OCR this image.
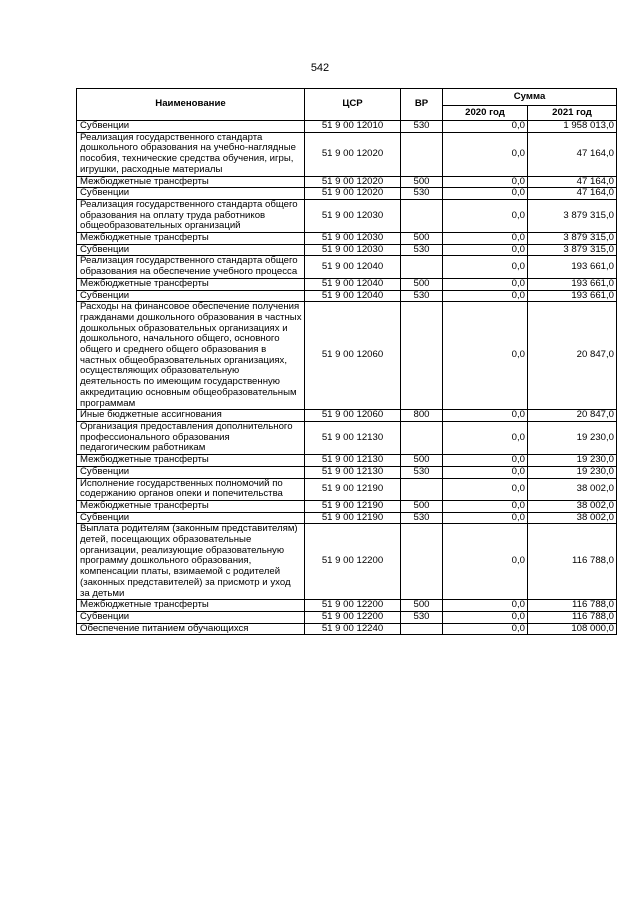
542
Наименование	ЦСР	ВР	Сумма	
			2020 год	2021 год
Субвенции	51 9 00 12010	530	0,0	1 958 013,0
Реализация государственного стандарта дошкольного образования на учебно-наглядные пособия, технические средства обучения, игры, игрушки, расходные материалы	51 9 00 12020		0,0	47 164,0
Межбюджетные трансферты	51 9 00 12020	500	0,0	47 164,0
Субвенции	51 9 00 12020	530	0,0	47 164,0
Реализация государственного стандарта общего образования на оплату труда работников общеобразовательных организаций	51 9 00 12030		0,0	3 879 315,0
Межбюджетные трансферты	51 9 00 12030	500	0,0	3 879 315,0
Субвенции	51 9 00 12030	530	0,0	3 879 315,0
Реализация государственного стандарта общего образования на обеспечение учебного процесса	51 9 00 12040		0,0	193 661,0
Межбюджетные трансферты	51 9 00 12040	500	0,0	193 661,0
Субвенции	51 9 00 12040	530	0,0	193 661,0
Расходы на финансовое обеспечение получения гражданами дошкольного образования в частных дошкольных образовательных организациях и дошкольного, начального общего, основного общего и среднего общего образования в частных общеобразовательных организациях, осуществляющих образовательную деятельность по имеющим государственную аккредитацию основным общеобразовательным программам	51 9 00 12060		0,0	20 847,0
Иные бюджетные ассигнования	51 9 00 12060	800	0,0	20 847,0
Организация предоставления дополнительного профессионального образования педагогическим работникам	51 9 00 12130		0,0	19 230,0
Межбюджетные трансферты	51 9 00 12130	500	0,0	19 230,0
Субвенции	51 9 00 12130	530	0,0	19 230,0
Исполнение государственных полномочий по содержанию органов опеки и попечительства	51 9 00 12190		0,0	38 002,0
Межбюджетные трансферты	51 9 00 12190	500	0,0	38 002,0
Субвенции	51 9 00 12190	530	0,0	38 002,0
Выплата родителям (законным представителям) детей, посещающих образовательные организации, реализующие образовательную программу дошкольного образования, компенсации платы, взимаемой с родителей (законных представителей) за присмотр и уход за детьми	51 9 00 12200		0,0	116 788,0
Межбюджетные трансферты	51 9 00 12200	500	0,0	116 788,0
Субвенции	51 9 00 12200	530	0,0	116 788,0
Обеспечение питанием обучающихся	51 9 00 12240		0,0	108 000,0
